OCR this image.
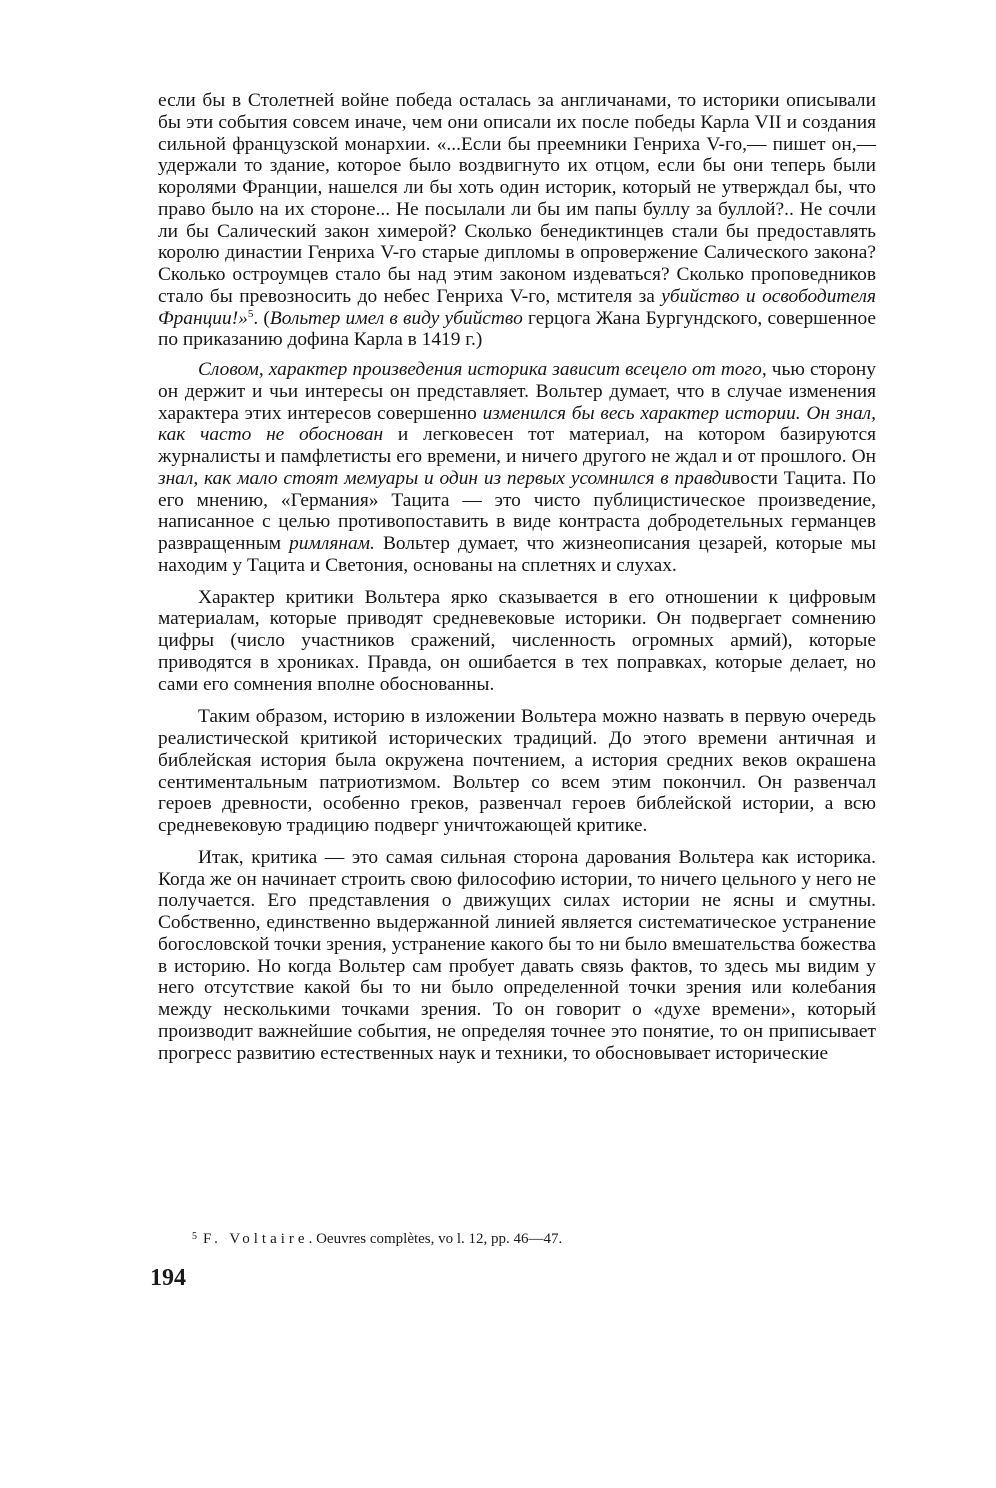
если бы в Столетней войне победа осталась за англичанами, то историки описывали бы эти события совсем иначе, чем они описали их после победы Карла VII и создания сильной французской монархии. «...Если бы преемники Генриха V-го,— пишет он,— удержали то здание, которое было воздвигнуто их отцом, если бы они теперь были королями Франции, нашелся ли бы хоть один историк, который не утверждал бы, что право было на их стороне... Не посылали ли бы им папы буллу за буллой?.. Не сочли ли бы Салический закон химерой? Сколько бенедиктинцев стали бы предоставлять королю династии Генриха V-го старые дипломы в опровержение Салического закона? Сколько остроумцев стало бы над этим законом издеваться? Сколько проповедников стало бы превозносить до небес Генриха V-го, мстителя за убийство и освободителя Франции!»$^5$. (Вольтер имел в виду убийство герцога Жана Бургундского, совершенное по приказанию дофина Карла в 1419 г.)

Словом, характер произведения историка зависит всецело от того, чью сторону он держит и чьи интересы он представляет. Вольтер думает, что в случае изменения характера этих интересов совершенно изменился бы весь характер истории. Он знал, как часто не обоснован и легковесен тот материал, на котором базируются журналисты и памфлетисты его времени, и ничего другого не ждал и от прошлого. Он знал, как мало стоят мемуары и один из первых усомнился в правдивости Тацита. По его мнению, «Германия» Тацита — это чисто публицистическое произведение, написанное с целью противопоставить в виде контраста добродетельных германцев развращенным римлянам. Вольтер думает, что жизнеописания цезарей, которые мы находим у Тацита и Светония, основаны на сплетнях и слухах.

Характер критики Вольтера ярко сказывается в его отношении к цифровым материалам, которые приводят средневековые историки. Он подвергает сомнению цифры (число участников сражений, численность огромных армий), которые приводятся в хрониках. Правда, он ошибается в тех поправках, которые делает, но сами его сомнения вполне обоснованны.

Таким образом, историю в изложении Вольтера можно назвать в первую очередь реалистической критикой исторических традиций. До этого времени античная и библейская история была окружена почтением, а история средних веков окрашена сентиментальным патриотизмом. Вольтер со всем этим покончил. Он развенчал героев древности, особенно греков, развенчал героев библейской истории, а всю средневековую традицию подверг уничтожающей критике.

Итак, критика — это самая сильная сторона дарования Вольтера как историка. Когда же он начинает строить свою философию истории, то ничего цельного у него не получается. Его представления о движущих силах истории не ясны и смутны. Собственно, единственно выдержанной линией является систематическое устранение богословской точки зрения, устранение какого бы то ни было вмешательства божества в историю. Но когда Вольтер сам пробует давать связь фактов, то здесь мы видим у него отсутствие какой бы то ни было определенной точки зрения или колебания между несколькими точками зрения. То он говорит о «духе времени», который производит важнейшие события, не определяя точнее это понятие, то он приписывает прогресс развитию естественных наук и техники, то обосновывает исторические

$^5$ F. Voltaire. Oeuvres complètes, vo l. 12, pp. 46—47.
194
